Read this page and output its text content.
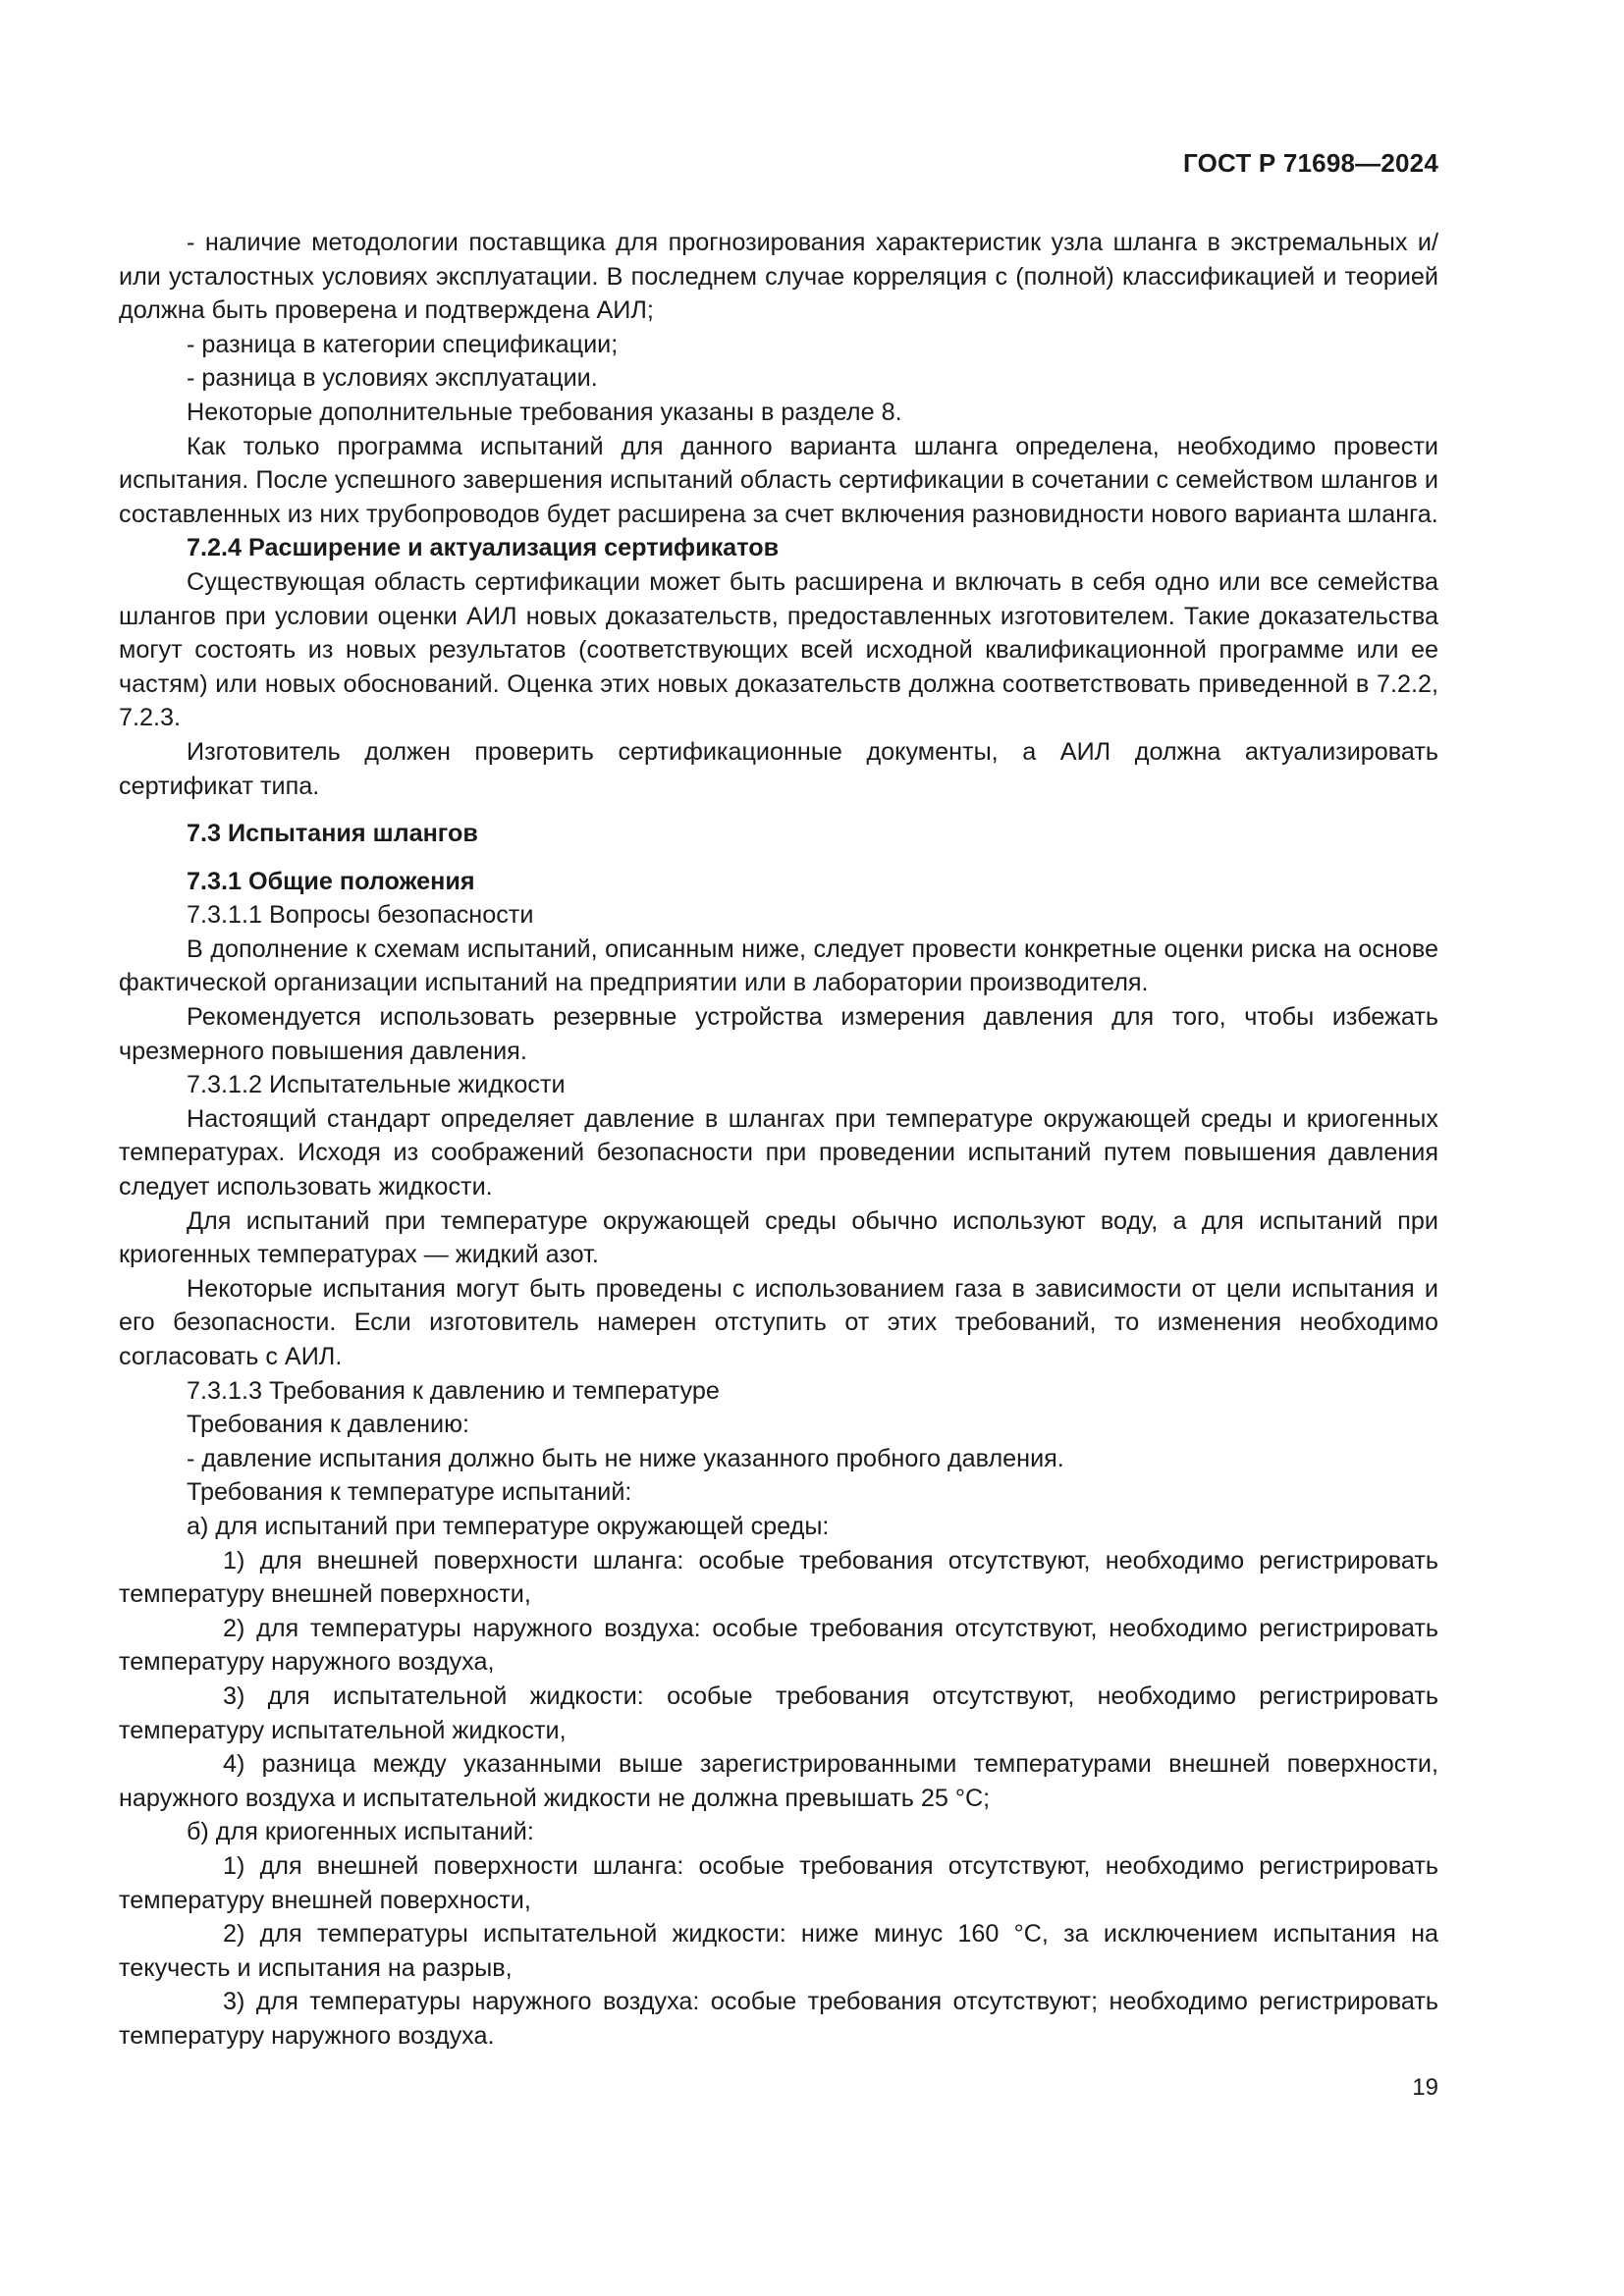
ГОСТ Р 71698—2024

- наличие методологии поставщика для прогнозирования характеристик узла шланга в экстремальных и/или усталостных условиях эксплуатации. В последнем случае корреляция с (полной) классификацией и теорией должна быть проверена и подтверждена АИЛ;

- разница в категории спецификации;

- разница в условиях эксплуатации.

Некоторые дополнительные требования указаны в разделе 8.

Как только программа испытаний для данного варианта шланга определена, необходимо провести испытания. После успешного завершения испытаний область сертификации в сочетании с семейством шлангов и составленных из них трубопроводов будет расширена за счет включения разновидности нового варианта шланга.

7.2.4 Расширение и актуализация сертификатов

Существующая область сертификации может быть расширена и включать в себя одно или все семейства шлангов при условии оценки АИЛ новых доказательств, предоставленных изготовителем. Такие доказательства могут состоять из новых результатов (соответствующих всей исходной квалификационной программе или ее частям) или новых обоснований. Оценка этих новых доказательств должна соответствовать приведенной в 7.2.2, 7.2.3.

Изготовитель должен проверить сертификационные документы, а АИЛ должна актуализировать сертификат типа.

7.3 Испытания шлангов

7.3.1 Общие положения

7.3.1.1 Вопросы безопасности

В дополнение к схемам испытаний, описанным ниже, следует провести конкретные оценки риска на основе фактической организации испытаний на предприятии или в лаборатории производителя.

Рекомендуется использовать резервные устройства измерения давления для того, чтобы избежать чрезмерного повышения давления.

7.3.1.2 Испытательные жидкости

Настоящий стандарт определяет давление в шлангах при температуре окружающей среды и криогенных температурах. Исходя из соображений безопасности при проведении испытаний путем повышения давления следует использовать жидкости.

Для испытаний при температуре окружающей среды обычно используют воду, а для испытаний при криогенных температурах — жидкий азот.

Некоторые испытания могут быть проведены с использованием газа в зависимости от цели испытания и его безопасности. Если изготовитель намерен отступить от этих требований, то изменения необходимо согласовать с АИЛ.

7.3.1.3 Требования к давлению и температуре

Требования к давлению:

- давление испытания должно быть не ниже указанного пробного давления.

Требования к температуре испытаний:

а) для испытаний при температуре окружающей среды:

1) для внешней поверхности шланга: особые требования отсутствуют, необходимо регистрировать температуру внешней поверхности,

2) для температуры наружного воздуха: особые требования отсутствуют, необходимо регистрировать температуру наружного воздуха,

3) для испытательной жидкости: особые требования отсутствуют, необходимо регистрировать температуру испытательной жидкости,

4) разница между указанными выше зарегистрированными температурами внешней поверхности, наружного воздуха и испытательной жидкости не должна превышать 25 °С;

б) для криогенных испытаний:

1) для внешней поверхности шланга: особые требования отсутствуют, необходимо регистрировать температуру внешней поверхности,

2) для температуры испытательной жидкости: ниже минус 160 °С, за исключением испытания на текучесть и испытания на разрыв,

3) для температуры наружного воздуха: особые требования отсутствуют; необходимо регистрировать температуру наружного воздуха.

19
